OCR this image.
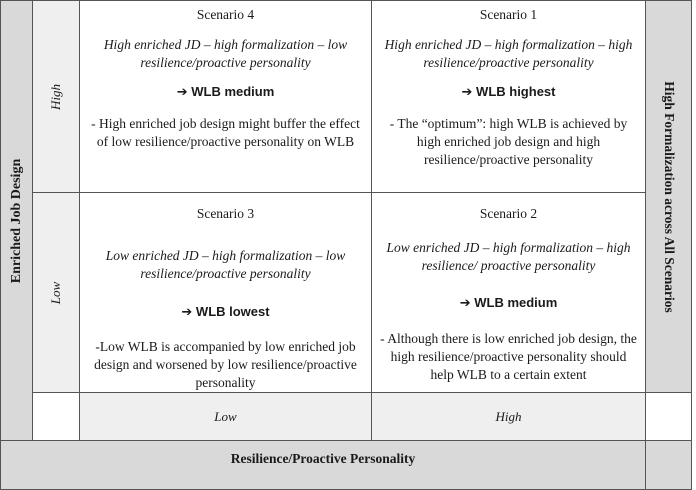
Enriched Job Design
High
Low
Scenario 4
High enriched JD – high formalization – low resilience/proactive personality
➔ WLB medium
- High enriched job design might buffer the effect of low resilience/proactive personality on WLB
Scenario 1
High enriched JD – high formalization – high resilience/proactive personality
➔ WLB highest
- The “optimum”: high WLB is achieved by high enriched job design and high resilience/proactive personality
Scenario 3
Low enriched JD – high formalization – low resilience/proactive personality
➔ WLB lowest
-Low WLB is accompanied by low enriched job design and worsened by low resilience/proactive personality
Scenario 2
Low enriched JD – high formalization – high resilience/ proactive personality
➔ WLB medium
- Although there is low enriched job design, the high resilience/proactive personality should help WLB to a certain extent
Low	High
High Formalization across All Scenarios
Resilience/Proactive Personality
